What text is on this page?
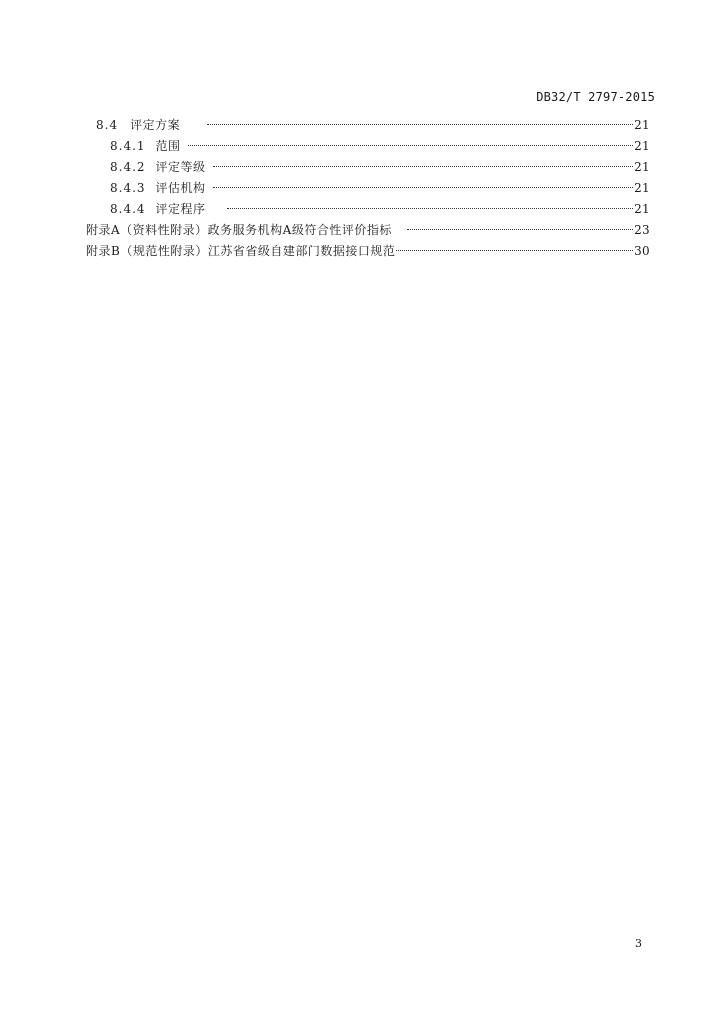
DB32/T 2797-2015
8.4 评定方案	21
8.4.1 范围	21
8.4.2 评定等级	21
8.4.3 评估机构	21
8.4.4 评定程序	21
附录A（资料性附录）政务服务机构A级符合性评价指标	23
附录B（规范性附录）江苏省省级自建部门数据接口规范	30
3
